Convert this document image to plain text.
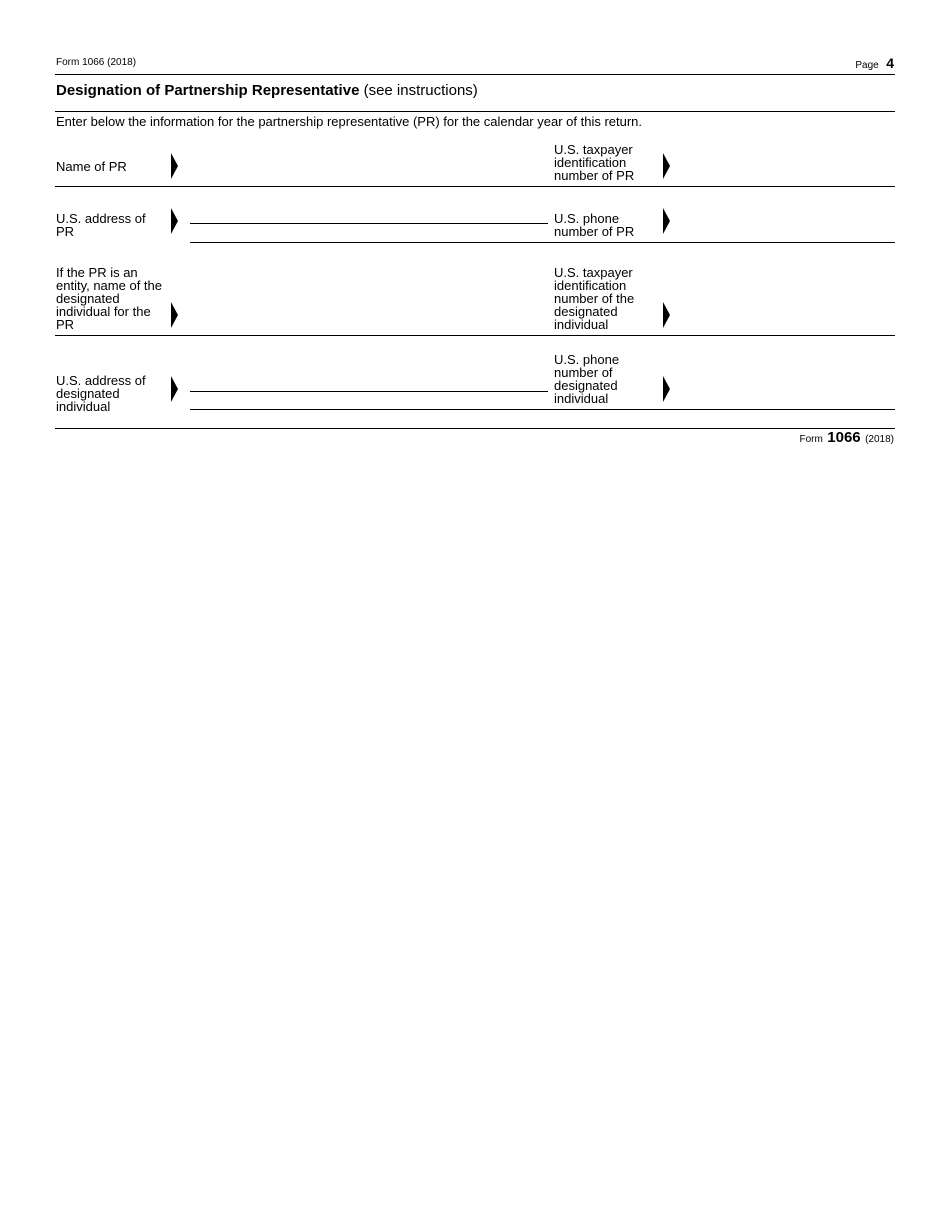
Form 1066 (2018)	Page 4
Designation of Partnership Representative (see instructions)
Enter below the information for the partnership representative (PR) for the calendar year of this return.
Name of PR
U.S. taxpayer
identification
number of PR
U.S. address of
PR
U.S. phone
number of PR
If the PR is an
entity, name of the
designated
individual for the
PR
U.S. taxpayer
identification
number of the
designated
individual
U.S. address of
designated
individual
U.S. phone
number of
designated
individual
Form 1066 (2018)
